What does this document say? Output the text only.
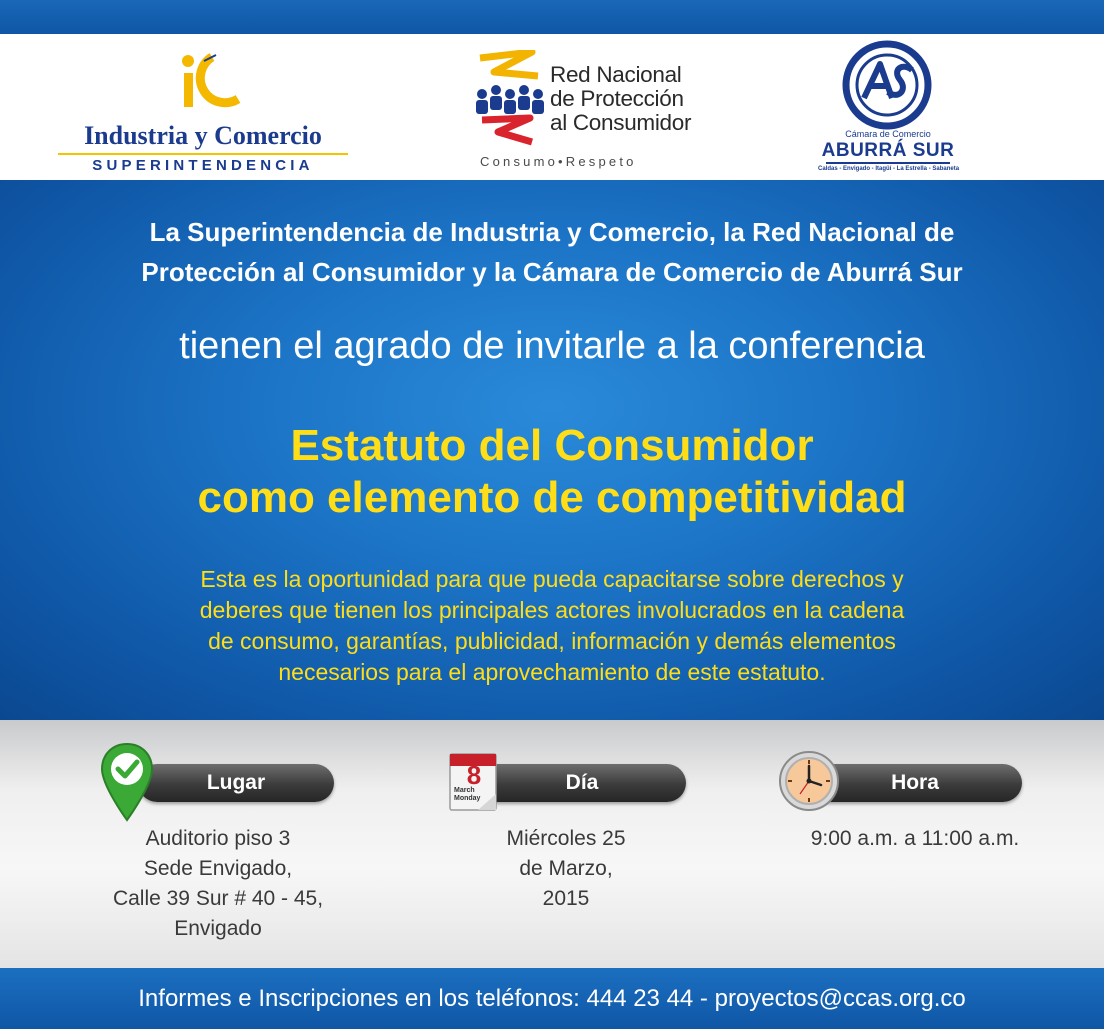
Industria y Comercio
SUPERINTENDENCIA
Red Nacional
de Protección
al Consumidor
Consumo•Respeto
Cámara de Comercio
ABURRÁ SUR
Caldas - Envigado - Itagüí - La Estrella - Sabaneta
La Superintendencia de Industria y Comercio, la Red Nacional de
Protección al Consumidor y la Cámara de Comercio de Aburrá Sur
tienen el agrado de invitarle a la conferencia
Estatuto del Consumidor
como elemento de competitividad
Esta es la oportunidad para que pueda capacitarse sobre derechos y
deberes que tienen los principales actores involucrados en la cadena
de consumo, garantías, publicidad, información y demás elementos
necesarios para el aprovechamiento de este estatuto.
Lugar
Auditorio piso 3
Sede Envigado,
Calle 39 Sur # 40 - 45,
Envigado
Día
8
March
Monday
Miércoles 25
de Marzo,
2015
Hora
9:00 a.m. a 11:00 a.m.
Informes e Inscripciones en los teléfonos: 444 23 44 - proyectos@ccas.org.co
